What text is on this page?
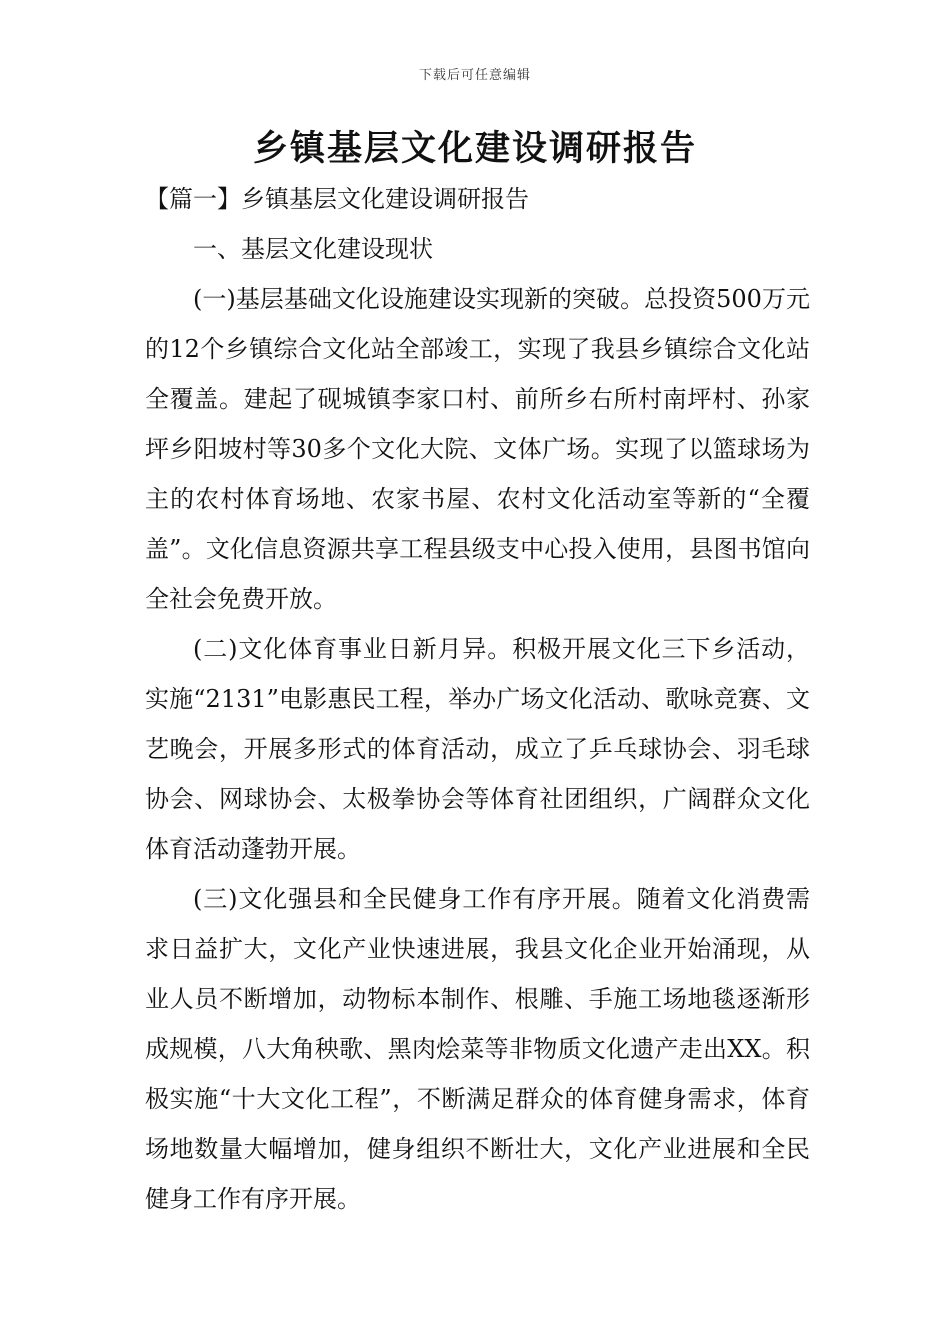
下载后可任意编辑
乡镇基层文化建设调研报告

【篇一】乡镇基层文化建设调研报告

一、基层文化建设现状

(一)基层基础文化设施建设实现新的突破。总投资500万元的12个乡镇综合文化站全部竣工，实现了我县乡镇综合文化站全覆盖。建起了砚城镇李家口村、前所乡右所村南坪村、孙家坪乡阳坡村等30多个文化大院、文体广场。实现了以篮球场为主的农村体育场地、农家书屋、农村文化活动室等新的“全覆盖”。文化信息资源共享工程县级支中心投入使用，县图书馆向全社会免费开放。

(二)文化体育事业日新月异。积极开展文化三下乡活动，实施“2131”电影惠民工程，举办广场文化活动、歌咏竞赛、文艺晚会，开展多形式的体育活动，成立了乒乓球协会、羽毛球协会、网球协会、太极拳协会等体育社团组织，广阔群众文化体育活动蓬勃开展。

(三)文化强县和全民健身工作有序开展。随着文化消费需求日益扩大，文化产业快速进展，我县文化企业开始涌现，从业人员不断增加，动物标本制作、根雕、手施工场地毯逐渐形成规模，八大角秧歌、黑肉烩菜等非物质文化遗产走出XX。积极实施“十大文化工程”，不断满足群众的体育健身需求，体育场地数量大幅增加，健身组织不断壮大，文化产业进展和全民健身工作有序开展。
